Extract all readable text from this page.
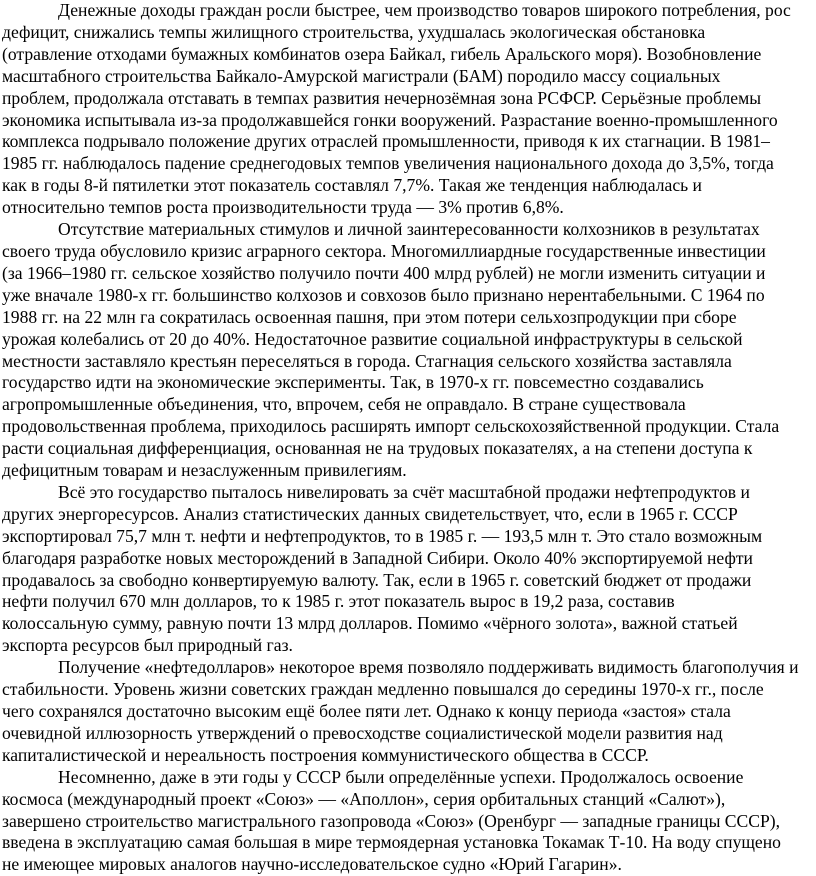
Денежные доходы граждан росли быстрее, чем производство товаров широкого потребления, рос
дефицит, снижались темпы жилищного строительства, ухудшалась экологическая обстановка
(отравление отходами бумажных комбинатов озера Байкал, гибель Аральского моря). Возобновление
масштабного строительства Байкало-Амурской магистрали (БАМ) породило массу социальных
проблем, продолжала отставать в темпах развития нечернозёмная зона РСФСР. Серьёзные проблемы
экономика испытывала из-за продолжавшейся гонки вооружений. Разрастание военно-промышленного
комплекса подрывало положение других отраслей промышленности, приводя к их стагнации. В 1981–
1985 гг. наблюдалось падение среднегодовых темпов увеличения национального дохода до 3,5%, тогда
как в годы 8-й пятилетки этот показатель составлял 7,7%. Такая же тенденция наблюдалась и
относительно темпов роста производительности труда — 3% против 6,8%.
Отсутствие материальных стимулов и личной заинтересованности колхозников в результатах
своего труда обусловило кризис аграрного сектора. Многомиллиардные государственные инвестиции
(за 1966–1980 гг. сельское хозяйство получило почти 400 млрд рублей) не могли изменить ситуации и
уже вначале 1980-х гг. большинство колхозов и совхозов было признано нерентабельными. С 1964 по
1988 гг. на 22 млн га сократилась освоенная пашня, при этом потери сельхозпродукции при сборе
урожая колебались от 20 до 40%. Недостаточное развитие социальной инфраструктуры в сельской
местности заставляло крестьян переселяться в города. Стагнация сельского хозяйства заставляла
государство идти на экономические эксперименты. Так, в 1970-х гг. повсеместно создавались
агропромышленные объединения, что, впрочем, себя не оправдало. В стране существовала
продовольственная проблема, приходилось расширять импорт сельскохозяйственной продукции. Стала
расти социальная дифференциация, основанная не на трудовых показателях, а на степени доступа к
дефицитным товарам и незаслуженным привилегиям.
Всё это государство пыталось нивелировать за счёт масштабной продажи нефтепродуктов и
других энергоресурсов. Анализ статистических данных свидетельствует, что, если в 1965 г. СССР
экспортировал 75,7 млн т. нефти и нефтепродуктов, то в 1985 г. — 193,5 млн т. Это стало возможным
благодаря разработке новых месторождений в Западной Сибири. Около 40% экспортируемой нефти
продавалось за свободно конвертируемую валюту. Так, если в 1965 г. советский бюджет от продажи
нефти получил 670 млн долларов, то к 1985 г. этот показатель вырос в 19,2 раза, составив
колоссальную сумму, равную почти 13 млрд долларов. Помимо «чёрного золота», важной статьей
экспорта ресурсов был природный газ.
Получение «нефтедолларов» некоторое время позволяло поддерживать видимость благополучия и
стабильности. Уровень жизни советских граждан медленно повышался до середины 1970-х гг., после
чего сохранялся достаточно высоким ещё более пяти лет. Однако к концу периода «застоя» стала
очевидной иллюзорность утверждений о превосходстве социалистической модели развития над
капиталистической и нереальность построения коммунистического общества в СССР.
Несомненно, даже в эти годы у СССР были определённые успехи. Продолжалось освоение
космоса (международный проект «Союз» — «Аполлон», серия орбитальных станций «Салют»),
завершено строительство магистрального газопровода «Союз» (Оренбург — западные границы СССР),
введена в эксплуатацию самая большая в мире термоядерная установка Токамак Т-10. На воду спущено
не имеющее мировых аналогов научно-исследовательское судно «Юрий Гагарин».
